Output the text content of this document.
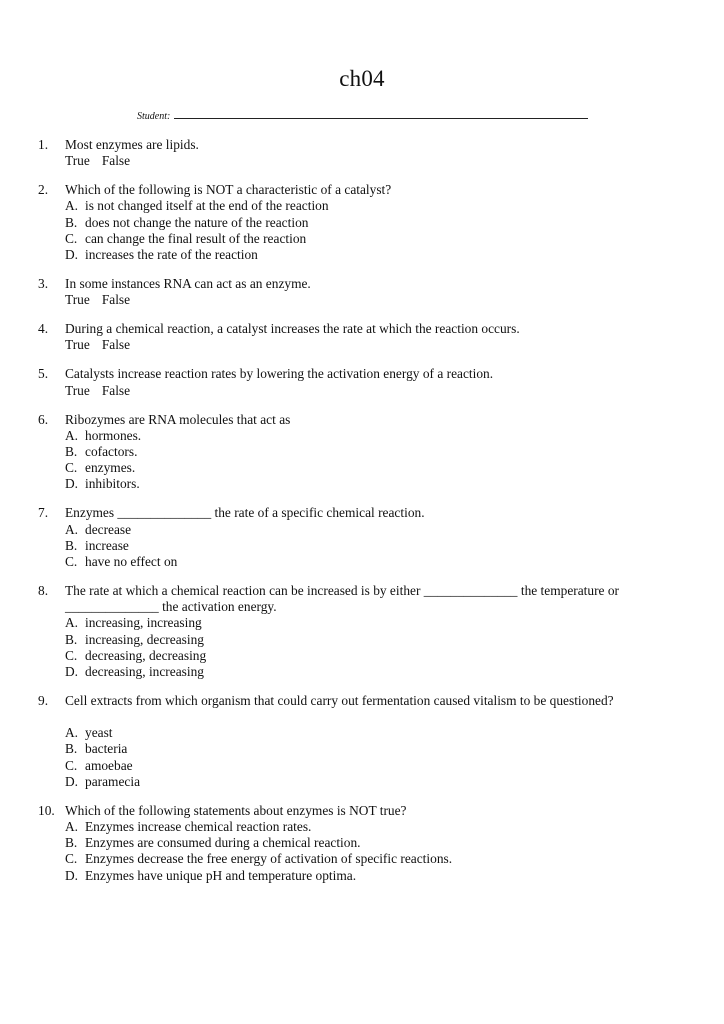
ch04
Student:
1. Most enzymes are lipids.
True False
2. Which of the following is NOT a characteristic of a catalyst?
A. is not changed itself at the end of the reaction
B. does not change the nature of the reaction
C. can change the final result of the reaction
D. increases the rate of the reaction
3. In some instances RNA can act as an enzyme.
True False
4. During a chemical reaction, a catalyst increases the rate at which the reaction occurs.
True False
5. Catalysts increase reaction rates by lowering the activation energy of a reaction.
True False
6. Ribozymes are RNA molecules that act as
A. hormones.
B. cofactors.
C. enzymes.
D. inhibitors.
7. Enzymes ______________ the rate of a specific chemical reaction.
A. decrease
B. increase
C. have no effect on
8. The rate at which a chemical reaction can be increased is by either ______________ the temperature or ______________ the activation energy.
A. increasing, increasing
B. increasing, decreasing
C. decreasing, decreasing
D. decreasing, increasing
9. Cell extracts from which organism that could carry out fermentation caused vitalism to be questioned?
A. yeast
B. bacteria
C. amoebae
D. paramecia
10. Which of the following statements about enzymes is NOT true?
A. Enzymes increase chemical reaction rates.
B. Enzymes are consumed during a chemical reaction.
C. Enzymes decrease the free energy of activation of specific reactions.
D. Enzymes have unique pH and temperature optima.
